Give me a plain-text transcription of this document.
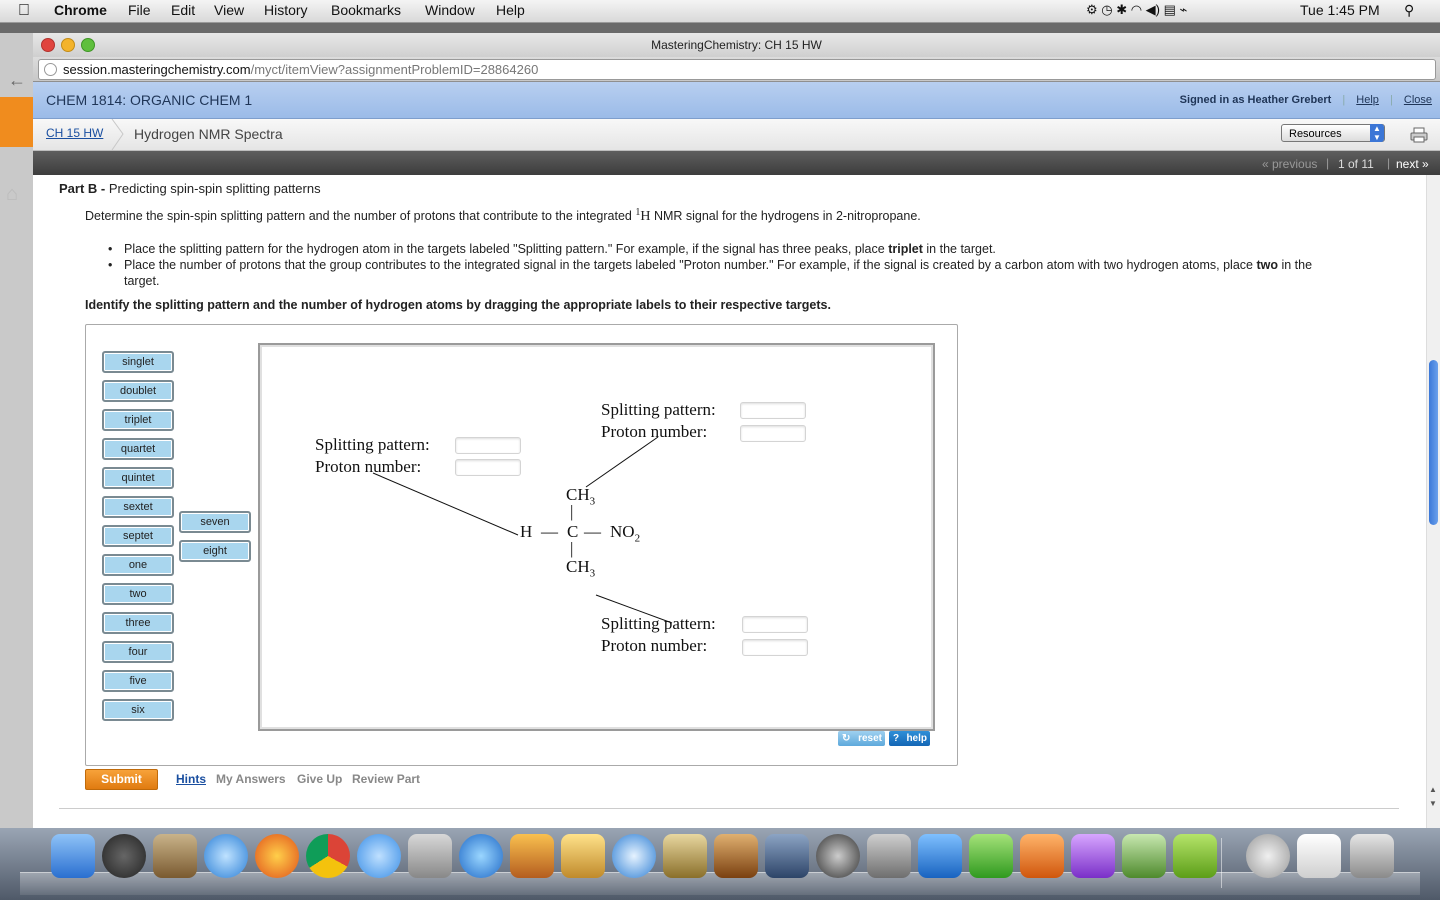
Chrome File Edit View History Bookmarks Window Help	⚙ ◷ ✱ ◠ ◀) ▤ ⌁	Tue 1:45 PM ⚲
←
⌂
MasteringChemistry: CH 15 HW
session.masteringchemistry.com/myct/itemView?assignmentProblemID=28864260
CHEM 1814: ORGANIC CHEM 1	Signed in as Heather Grebert | Help | Close
CH 15 HW Hydrogen NMR Spectra	Resources	▲
▼
« previous | 1 of 11 | next »
Part B - Predicting spin-spin splitting patterns
Determine the spin-spin splitting pattern and the number of protons that contribute to the integrated $^1$H NMR signal for the hydrogens in 2-nitropropane.
• Place the splitting pattern for the hydrogen atom in the targets labeled "Splitting pattern." For example, if the signal has three peaks, place triplet in the target.
• Place the number of protons that the group contributes to the integrated signal in the targets labeled "Proton number." For example, if the signal is created by a carbon atom with two hydrogen atoms, place two in the target.
Identify the splitting pattern and the number of hydrogen atoms by dragging the appropriate labels to their respective targets.
singlet
doublet
triplet
quartet
quintet
sextet
septet
one
two
three
four
five
six
seven
eight
Splitting pattern:
Proton number:
Splitting pattern:
Proton number:
Splitting pattern:
Proton number:
$CH_3$
|
H — C — $NO_2$
|
$CH_3$
↻ reset	? help
Submit	Hints My Answers Give Up Review Part
▲
▼
